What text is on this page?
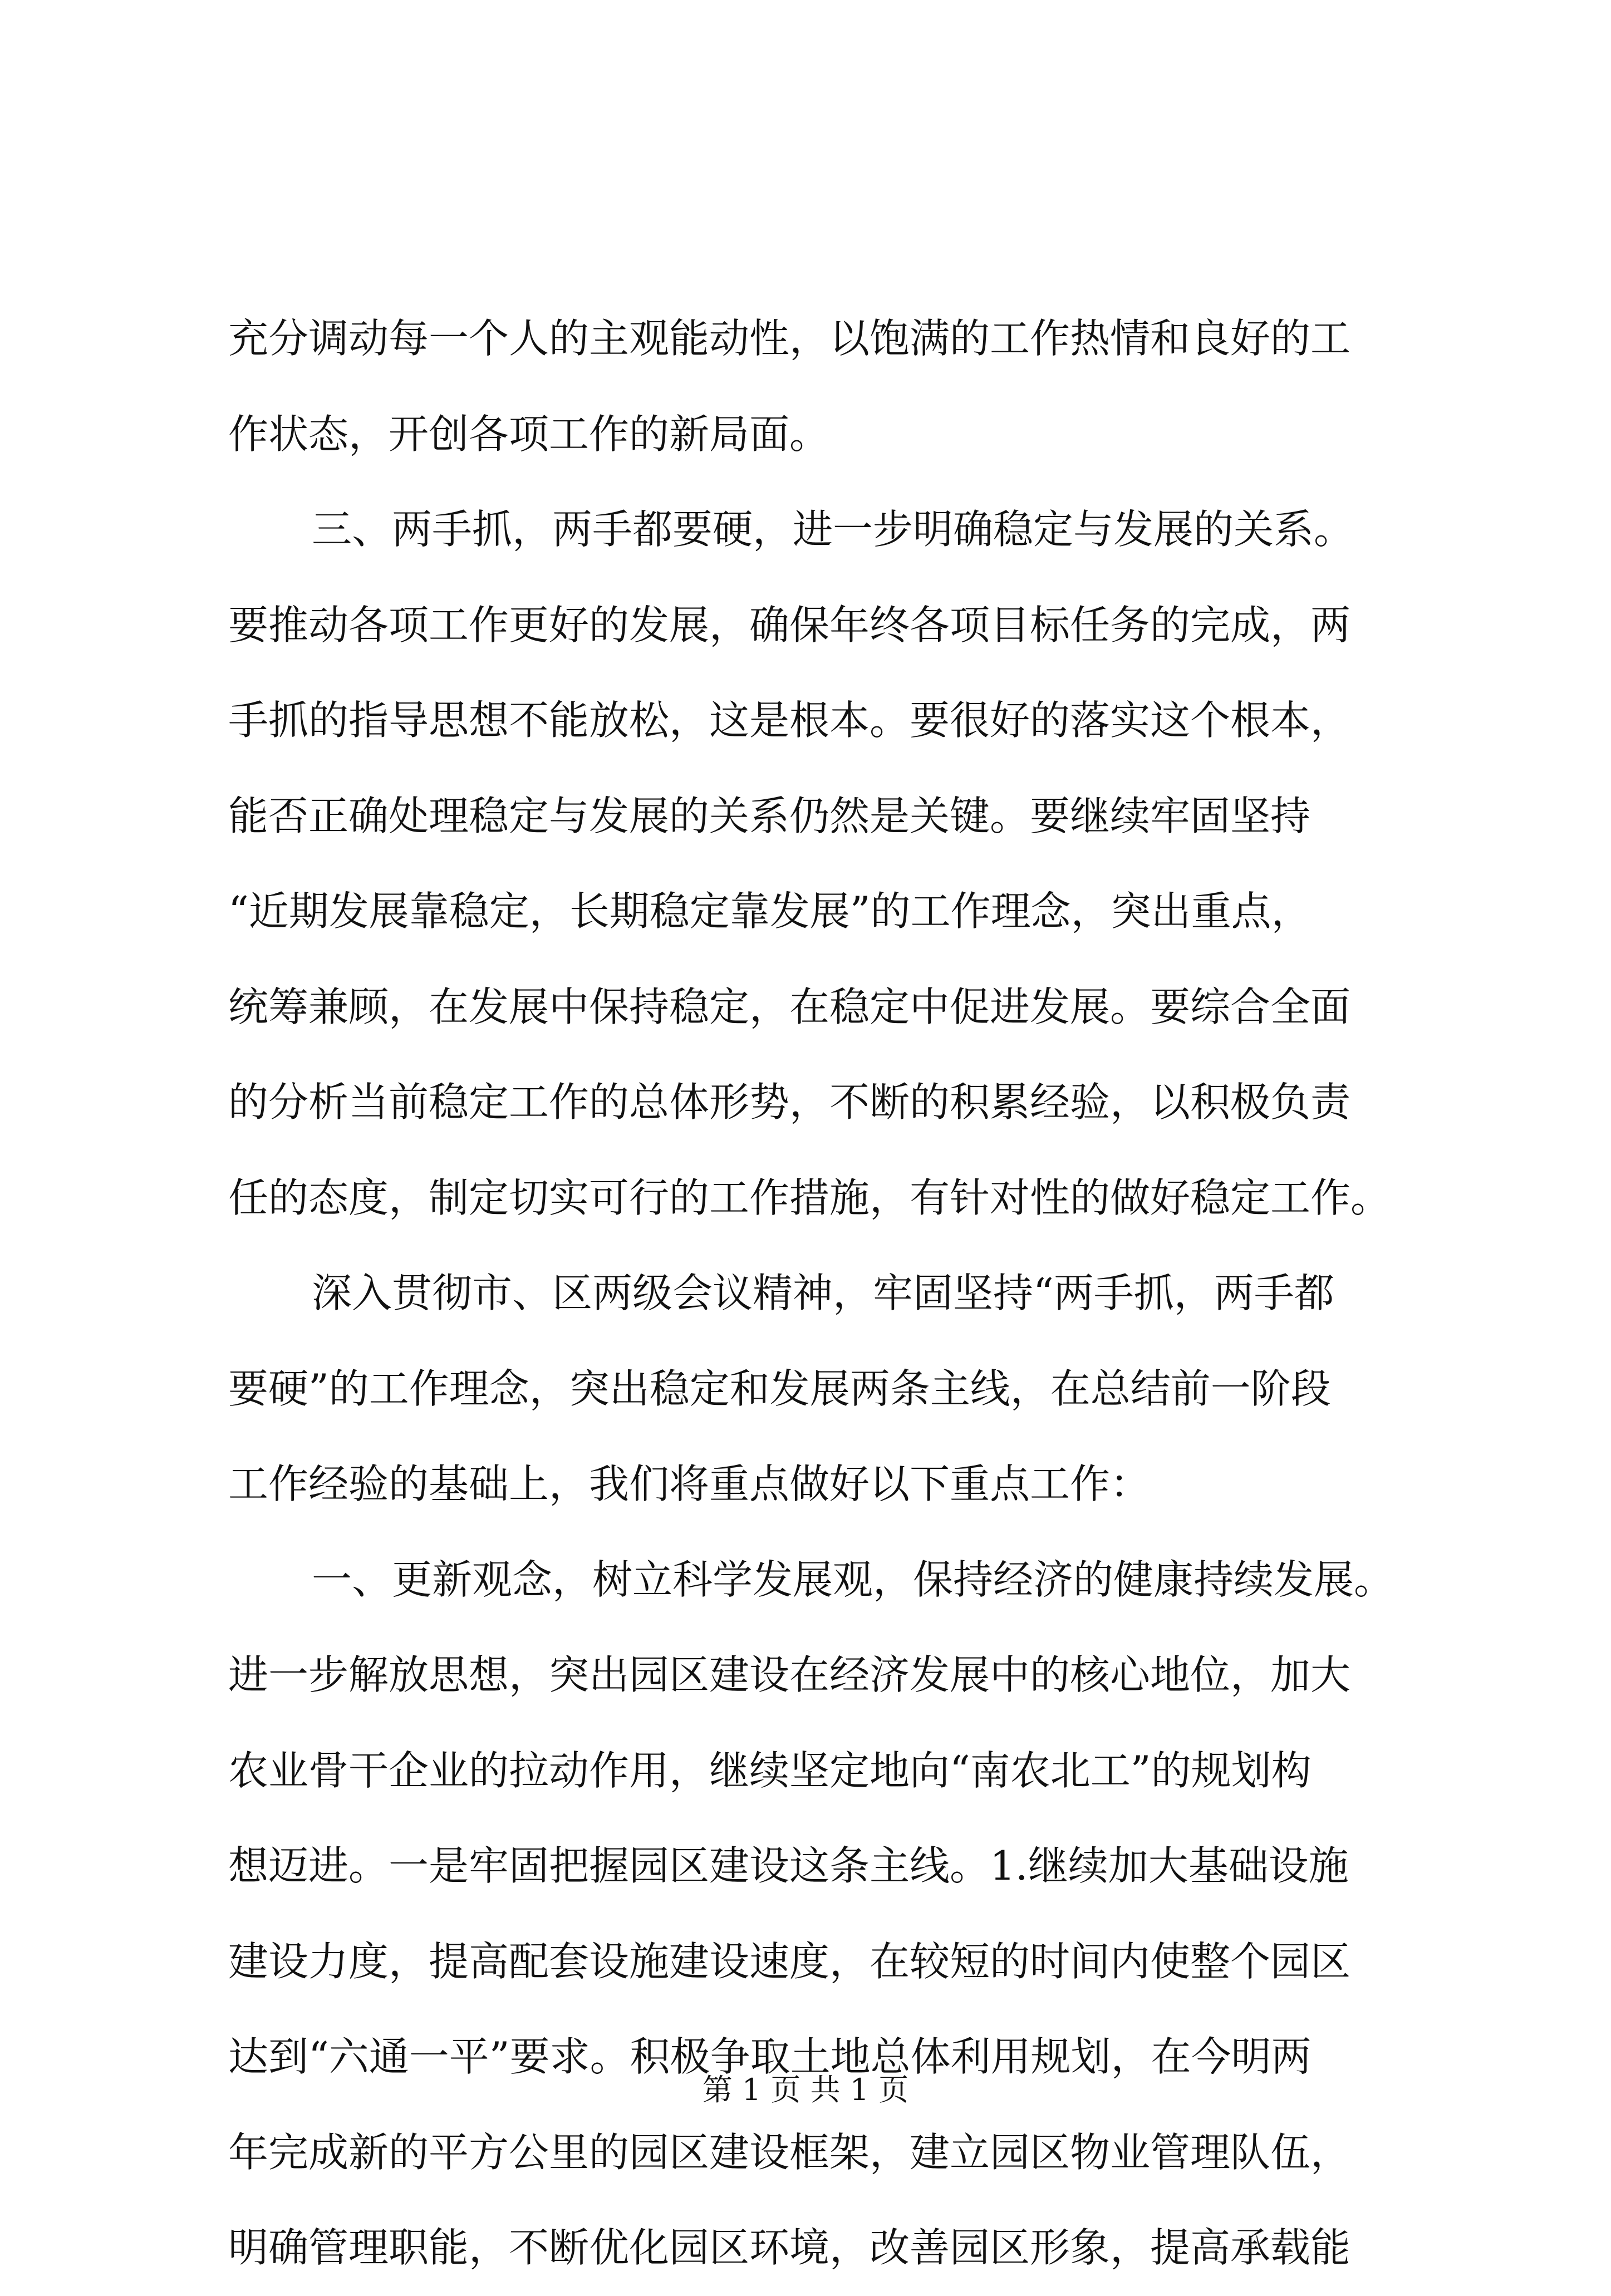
充分调动每一个人的主观能动性，以饱满的工作热情和良好的工
作状态，开创各项工作的新局面。
三、两手抓，两手都要硬，进一步明确稳定与发展的关系。
要推动各项工作更好的发展，确保年终各项目标任务的完成，两
手抓的指导思想不能放松，这是根本。要很好的落实这个根本，
能否正确处理稳定与发展的关系仍然是关键。要继续牢固坚持
“近期发展靠稳定，长期稳定靠发展”的工作理念，突出重点，
统筹兼顾，在发展中保持稳定，在稳定中促进发展。要综合全面
的分析当前稳定工作的总体形势，不断的积累经验，以积极负责
任的态度，制定切实可行的工作措施，有针对性的做好稳定工作。
深入贯彻市、区两级会议精神，牢固坚持“两手抓，两手都
要硬”的工作理念，突出稳定和发展两条主线，在总结前一阶段
工作经验的基础上，我们将重点做好以下重点工作：
一、更新观念，树立科学发展观，保持经济的健康持续发展。
进一步解放思想，突出园区建设在经济发展中的核心地位，加大
农业骨干企业的拉动作用，继续坚定地向“南农北工”的规划构
想迈进。一是牢固把握园区建设这条主线。1.继续加大基础设施
建设力度，提高配套设施建设速度，在较短的时间内使整个园区
达到“六通一平”要求。积极争取土地总体利用规划，在今明两
年完成新的平方公里的园区建设框架，建立园区物业管理队伍，
明确管理职能，不断优化园区环境，改善园区形象，提高承载能
第 1 页 共 1 页
